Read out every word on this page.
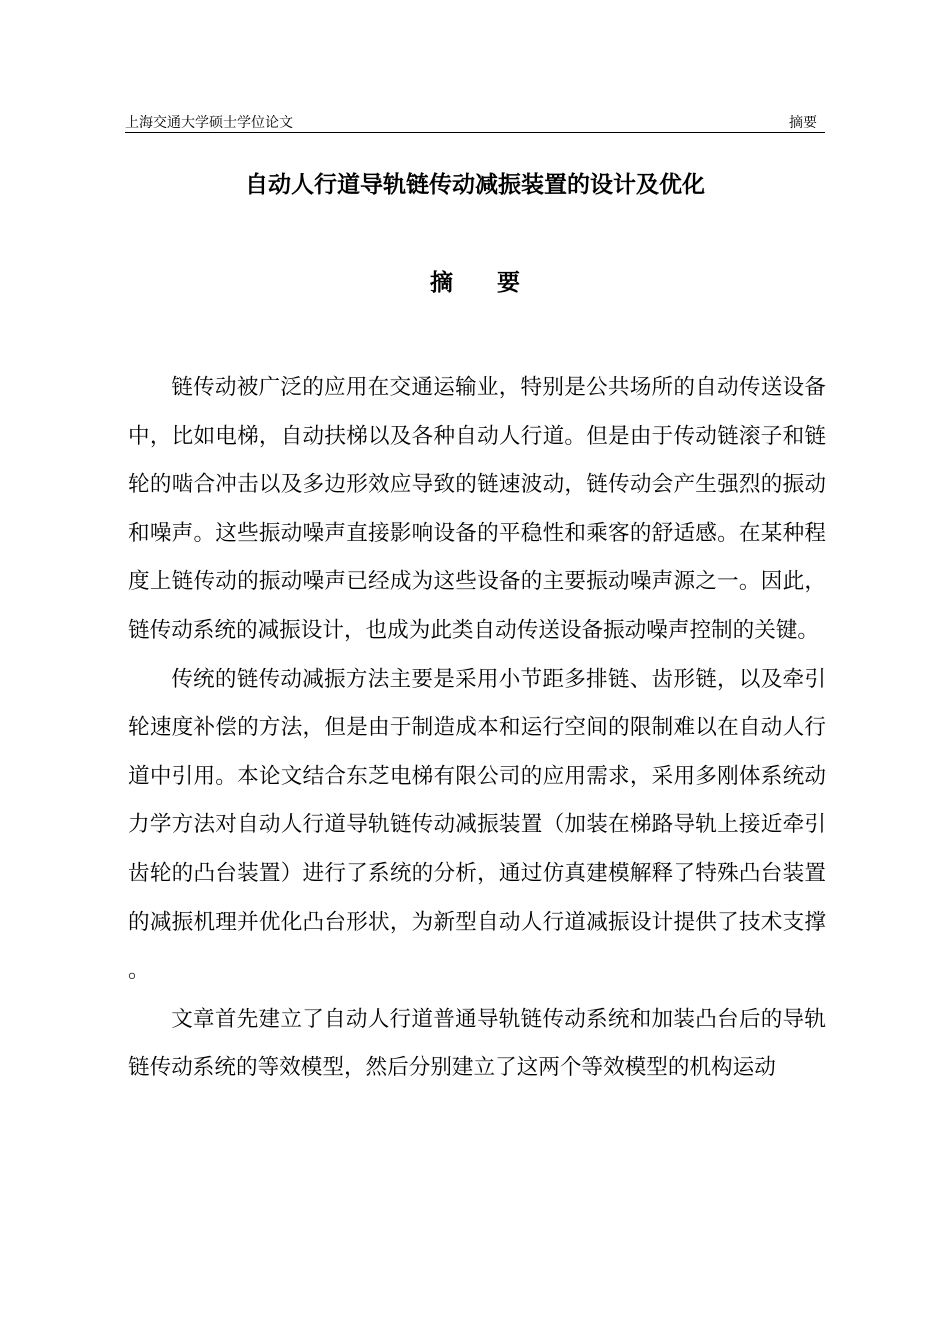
上海交通大学硕士学位论文	摘要
自动人行道导轨链传动减振装置的设计及优化
摘 要

链传动被广泛的应用在交通运输业，特别是公共场所的自动传送设备中，比如电梯，自动扶梯以及各种自动人行道。但是由于传动链滚子和链轮的啮合冲击以及多边形效应导致的链速波动，链传动会产生强烈的振动和噪声。这些振动噪声直接影响设备的平稳性和乘客的舒适感。在某种程度上链传动的振动噪声已经成为这些设备的主要振动噪声源之一。因此，链传动系统的减振设计，也成为此类自动传送设备振动噪声控制的关键。

传统的链传动减振方法主要是采用小节距多排链、齿形链，以及牵引轮速度补偿的方法，但是由于制造成本和运行空间的限制难以在自动人行道中引用。本论文结合东芝电梯有限公司的应用需求，采用多刚体系统动力学方法对自动人行道导轨链传动减振装置（加装在梯路导轨上接近牵引齿轮的凸台装置）进行了系统的分析，通过仿真建模解释了特殊凸台装置的减振机理并优化凸台形状，为新型自动人行道减振设计提供了技术支撑。

文章首先建立了自动人行道普通导轨链传动系统和加装凸台后的导轨链传动系统的等效模型，然后分别建立了这两个等效模型的机构运动
